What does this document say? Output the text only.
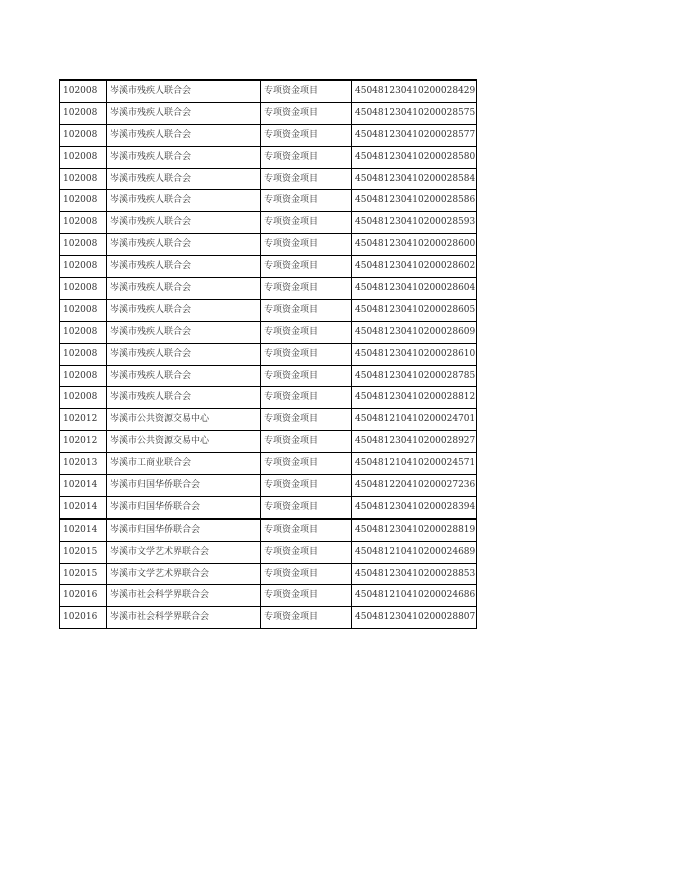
102008	岑溪市残疾人联合会	专项资金项目	450481230410200028429
102008	岑溪市残疾人联合会	专项资金项目	450481230410200028575
102008	岑溪市残疾人联合会	专项资金项目	450481230410200028577
102008	岑溪市残疾人联合会	专项资金项目	450481230410200028580
102008	岑溪市残疾人联合会	专项资金项目	450481230410200028584
102008	岑溪市残疾人联合会	专项资金项目	450481230410200028586
102008	岑溪市残疾人联合会	专项资金项目	450481230410200028593
102008	岑溪市残疾人联合会	专项资金项目	450481230410200028600
102008	岑溪市残疾人联合会	专项资金项目	450481230410200028602
102008	岑溪市残疾人联合会	专项资金项目	450481230410200028604
102008	岑溪市残疾人联合会	专项资金项目	450481230410200028605
102008	岑溪市残疾人联合会	专项资金项目	450481230410200028609
102008	岑溪市残疾人联合会	专项资金项目	450481230410200028610
102008	岑溪市残疾人联合会	专项资金项目	450481230410200028785
102008	岑溪市残疾人联合会	专项资金项目	450481230410200028812
102012	岑溪市公共资源交易中心	专项资金项目	450481210410200024701
102012	岑溪市公共资源交易中心	专项资金项目	450481230410200028927
102013	岑溪市工商业联合会	专项资金项目	450481210410200024571
102014	岑溪市归国华侨联合会	专项资金项目	450481220410200027236
102014	岑溪市归国华侨联合会	专项资金项目	450481230410200028394
102014	岑溪市归国华侨联合会	专项资金项目	450481230410200028819
102015	岑溪市文学艺术界联合会	专项资金项目	450481210410200024689
102015	岑溪市文学艺术界联合会	专项资金项目	450481230410200028853
102016	岑溪市社会科学界联合会	专项资金项目	450481210410200024686
102016	岑溪市社会科学界联合会	专项资金项目	450481230410200028807
